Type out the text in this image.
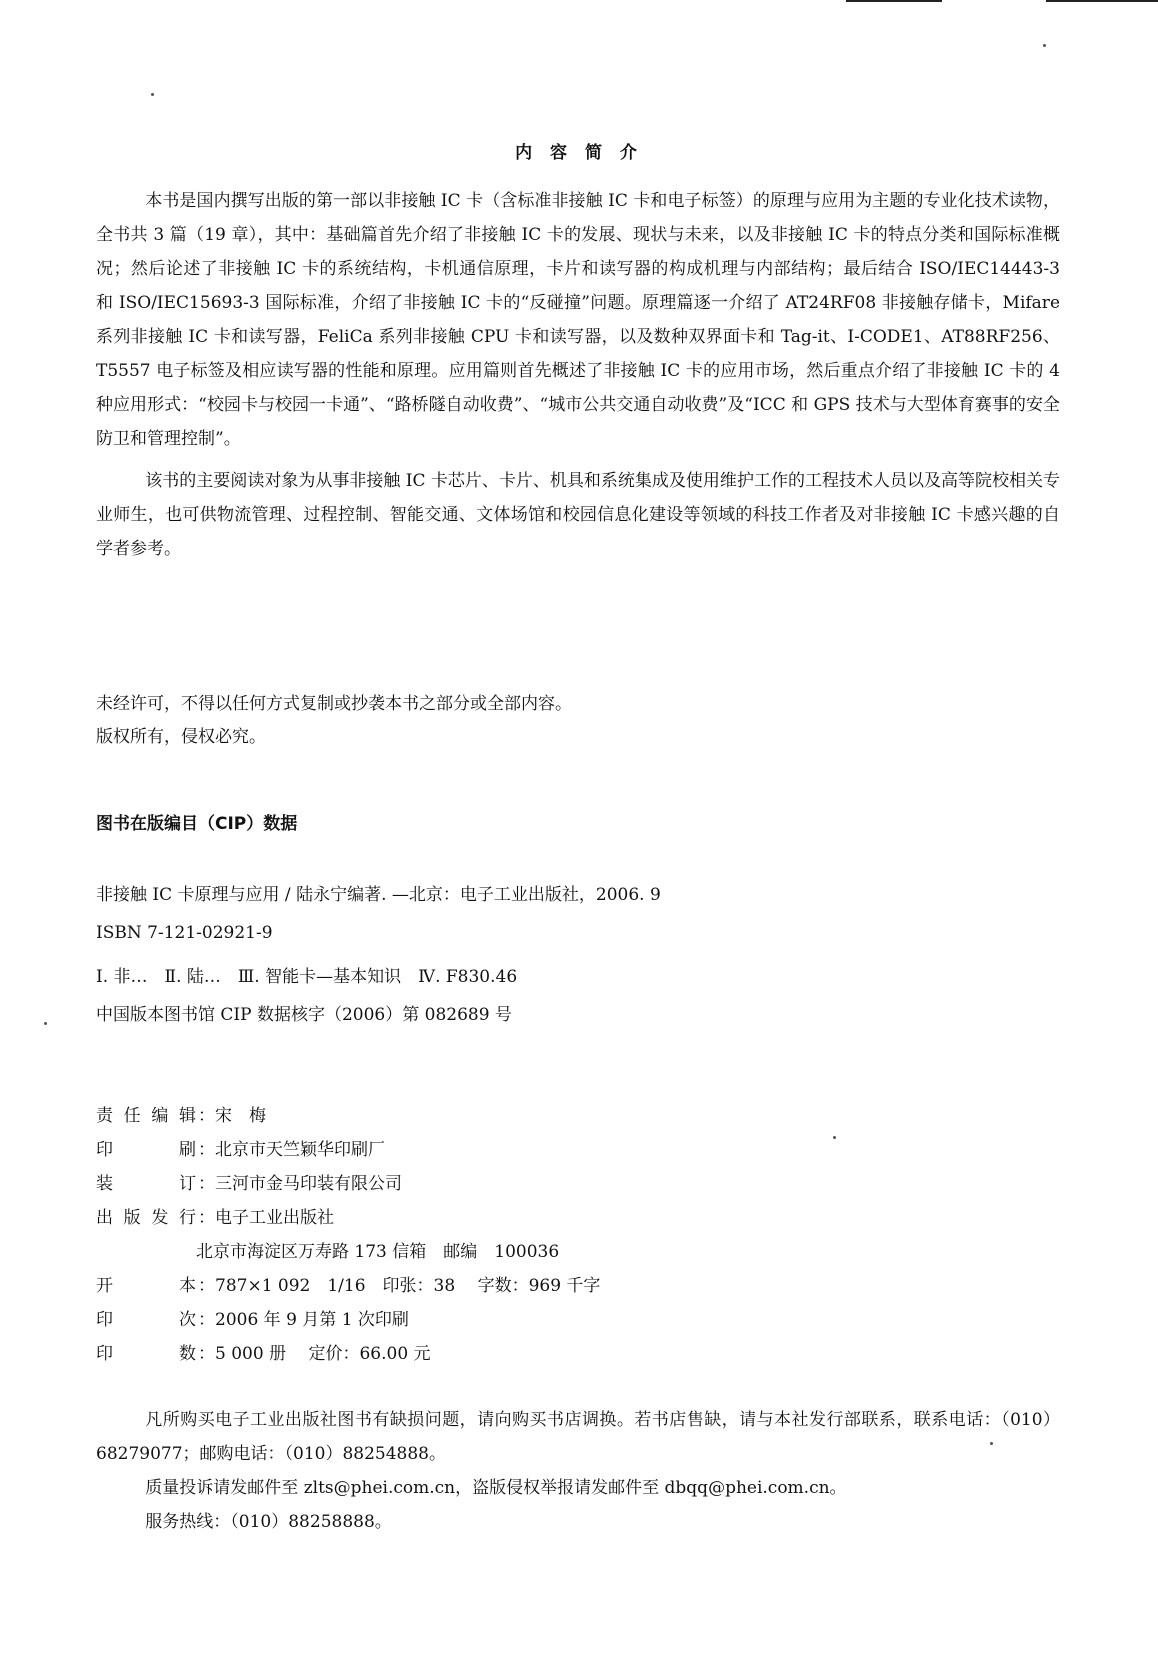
内 容 简 介

本书是国内撰写出版的第一部以非接触 IC 卡（含标准非接触 IC 卡和电子标签）的原理与应用为主题的专业化技术读物，全书共 3 篇（19 章），其中：基础篇首先介绍了非接触 IC 卡的发展、现状与未来，以及非接触 IC 卡的特点分类和国际标准概况；然后论述了非接触 IC 卡的系统结构，卡机通信原理，卡片和读写器的构成机理与内部结构；最后结合 ISO/IEC14443-3 和 ISO/IEC15693-3 国际标准，介绍了非接触 IC 卡的“反碰撞”问题。原理篇逐一介绍了 AT24RF08 非接触存储卡，Mifare 系列非接触 IC 卡和读写器，FeliCa 系列非接触 CPU 卡和读写器，以及数种双界面卡和 Tag-it、I-CODE1、AT88RF256、T5557 电子标签及相应读写器的性能和原理。应用篇则首先概述了非接触 IC 卡的应用市场，然后重点介绍了非接触 IC 卡的 4 种应用形式：“校园卡与校园一卡通”、“路桥隧自动收费”、“城市公共交通自动收费”及“ICC 和 GPS 技术与大型体育赛事的安全防卫和管理控制”。

该书的主要阅读对象为从事非接触 IC 卡芯片、卡片、机具和系统集成及使用维护工作的工程技术人员以及高等院校相关专业师生，也可供物流管理、过程控制、智能交通、文体场馆和校园信息化建设等领域的科技工作者及对非接触 IC 卡感兴趣的自学者参考。

未经许可，不得以任何方式复制或抄袭本书之部分或全部内容。
版权所有，侵权必究。
图书在版编目（CIP）数据
非接触 IC 卡原理与应用 / 陆永宁编著. —北京：电子工业出版社，2006. 9
ISBN 7-121-02921-9
Ⅰ. 非…　Ⅱ. 陆…　Ⅲ. 智能卡—基本知识　Ⅳ. F830.46
中国版本图书馆 CIP 数据核字（2006）第 082689 号
责 任 编 辑 ：宋　梅
印	刷 ：北京市天竺颖华印刷厂
装	订 ：三河市金马印装有限公司
出 版 发 行 ：电子工业出版社
北京市海淀区万寿路 173 信箱　邮编　100036
开	本 ：787×1 092　1/16　印张：38　 字数：969 千字
印	次 ：2006 年 9 月第 1 次印刷
印	数 ：5 000 册　 定价：66.00 元

凡所购买电子工业出版社图书有缺损问题，请向购买书店调换。若书店售缺，请与本社发行部联系，联系电话：（010）68279077；邮购电话：（010）88254888。

质量投诉请发邮件至 zlts@phei.com.cn，盗版侵权举报请发邮件至 dbqq@phei.com.cn。

服务热线：（010）88258888。
